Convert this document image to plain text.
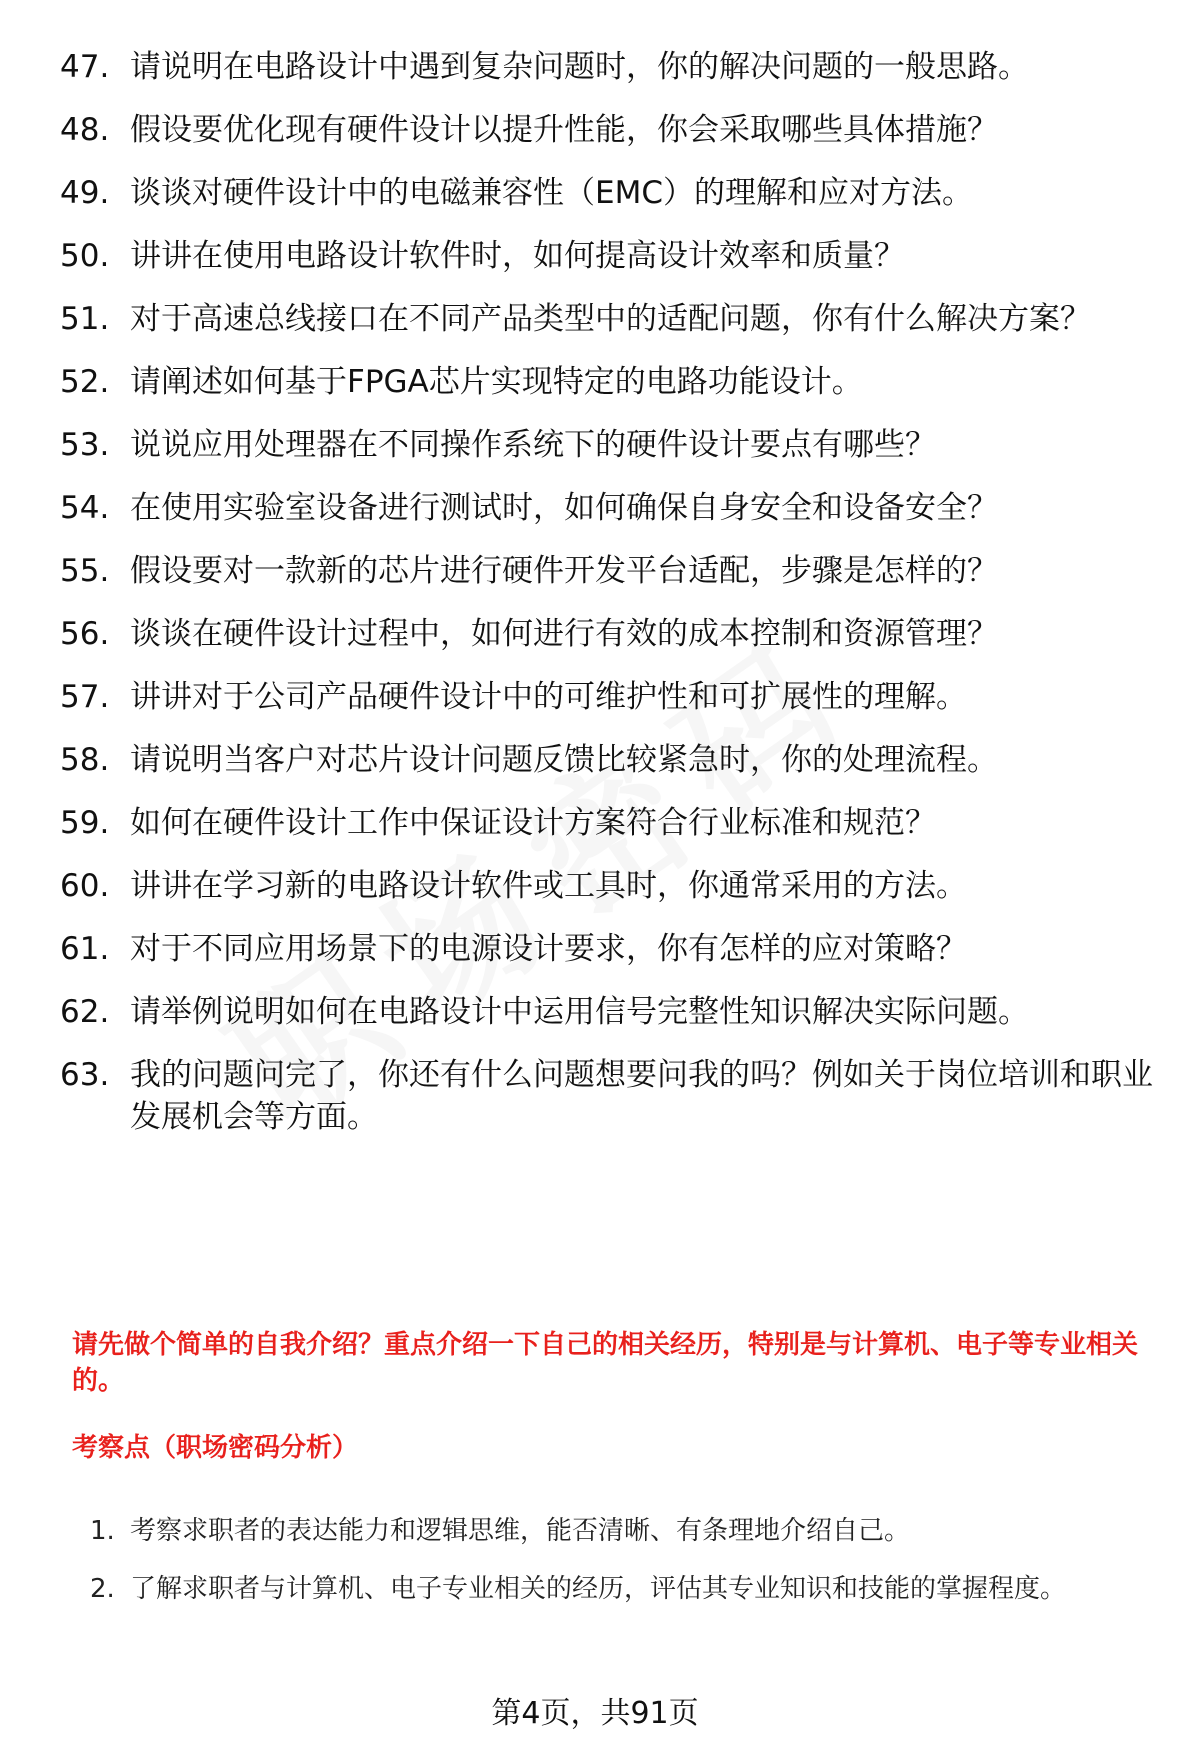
47. 请说明在电路设计中遇到复杂问题时，你的解决问题的一般思路。
48. 假设要优化现有硬件设计以提升性能，你会采取哪些具体措施？
49. 谈谈对硬件设计中的电磁兼容性（EMC）的理解和应对方法。
50. 讲讲在使用电路设计软件时，如何提高设计效率和质量？
51. 对于高速总线接口在不同产品类型中的适配问题，你有什么解决方案？
52. 请阐述如何基于FPGA芯片实现特定的电路功能设计。
53. 说说应用处理器在不同操作系统下的硬件设计要点有哪些？
54. 在使用实验室设备进行测试时，如何确保自身安全和设备安全？
55. 假设要对一款新的芯片进行硬件开发平台适配，步骤是怎样的？
56. 谈谈在硬件设计过程中，如何进行有效的成本控制和资源管理？
57. 讲讲对于公司产品硬件设计中的可维护性和可扩展性的理解。
58. 请说明当客户对芯片设计问题反馈比较紧急时，你的处理流程。
59. 如何在硬件设计工作中保证设计方案符合行业标准和规范？
60. 讲讲在学习新的电路设计软件或工具时，你通常采用的方法。
61. 对于不同应用场景下的电源设计要求，你有怎样的应对策略？
62. 请举例说明如何在电路设计中运用信号完整性知识解决实际问题。
63. 我的问题问完了，你还有什么问题想要问我的吗？例如关于岗位培训和职业发展机会等方面。
请先做个简单的自我介绍？重点介绍一下自己的相关经历，特别是与计算机、电子等专业相关的。
考察点（职场密码分析）
1. 考察求职者的表达能力和逻辑思维，能否清晰、有条理地介绍自己。
2. 了解求职者与计算机、电子专业相关的经历，评估其专业知识和技能的掌握程度。
第4页，共91页
